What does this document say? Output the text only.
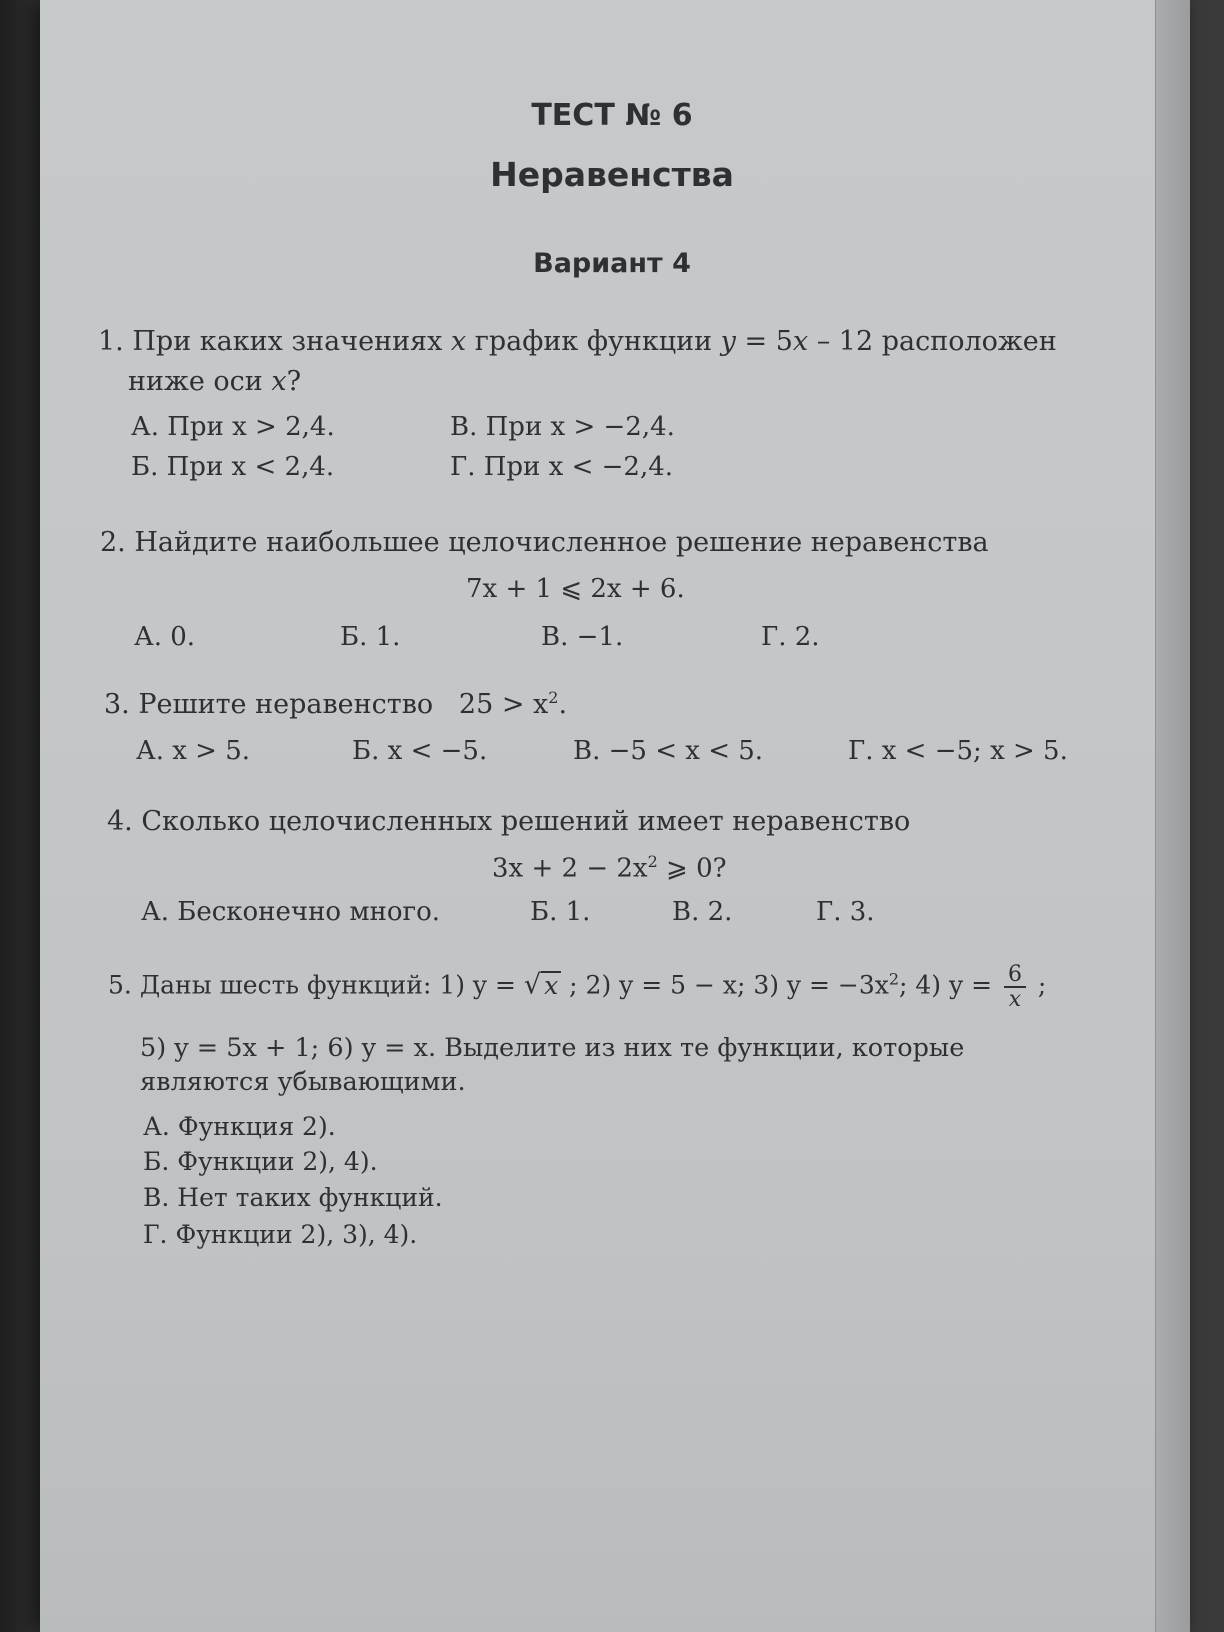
ТЕСТ № 6
Неравенства
Вариант 4
1. При каких значениях x график функции y = 5x – 12 расположен
ниже оси x?
А. При x > 2,4.	В. При x > −2,4.
Б. При x < 2,4.	Г. При x < −2,4.
2. Найдите наибольшее целочисленное решение неравенства
7x + 1 ⩽ 2x + 6.
А. 0.	Б. 1.	В. −1.	Г. 2.
3. Решите неравенство $25 > x^2$.
А. x > 5.	Б. x < −5.	В. −5 < x < 5.	Г. x < −5; x > 5.
4. Сколько целочисленных решений имеет неравенство
$3x + 2 - 2x^2$ ⩾ 0?
А. Бесконечно много.	Б. 1.	В. 2.	Г. 3.
5. Даны шесть функций: 1) y = √ x ; 2) y = 5 − x; 3) $y = -3x^2$; 4) $y = \frac{6}{x}$ ;
5) y = 5x + 1; 6) y = x. Выделите из них те функции, которые
являются убывающими.
А. Функция 2).
Б. Функции 2), 4).
В. Нет таких функций.
Г. Функции 2), 3), 4).
